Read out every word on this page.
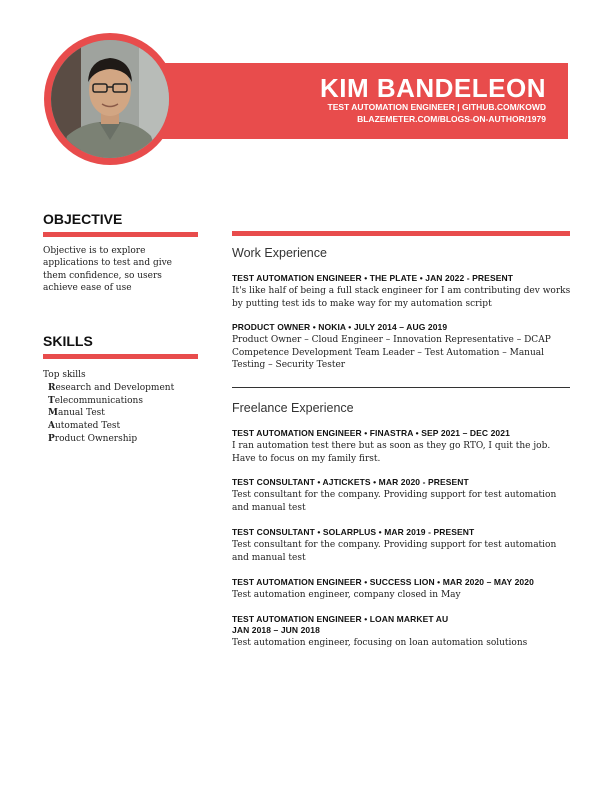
KIM BANDELEON
TEST AUTOMATION ENGINEER | GITHUB.COM/KOWD
BLAZEMETER.COM/BLOGS-ON-AUTHOR/1979
OBJECTIVE
Objective is to explore applications to test and give them confidence, so users achieve ease of use
SKILLS
Top skills
Research and Development
Telecommunications
Manual Test
Automated Test
Product Ownership
Work Experience
TEST AUTOMATION ENGINEER • THE PLATE • JAN 2022 - PRESENT
It's like half of being a full stack engineer for I am contributing dev works by putting test ids to make way for my automation script
PRODUCT OWNER • NOKIA • JULY 2014 – AUG 2019
Product Owner – Cloud Engineer – Innovation Representative – DCAP Competence Development Team Leader – Test Automation – Manual Testing – Security Tester
Freelance Experience
TEST AUTOMATION ENGINEER • FINASTRA • SEP 2021 – DEC 2021
I ran automation test there but as soon as they go RTO, I quit the job. Have to focus on my family first.
TEST CONSULTANT • AJTICKETS • MAR 2020 - PRESENT
Test consultant for the company. Providing support for test automation and manual test
TEST CONSULTANT • SOLARPLUS • MAR 2019 - PRESENT
Test consultant for the company. Providing support for test automation and manual test
TEST AUTOMATION ENGINEER • SUCCESS LION • MAR 2020 – MAY 2020
Test automation engineer, company closed in May
TEST AUTOMATION ENGINEER • LOAN MARKET AU
JAN 2018 – JUN 2018
Test automation engineer, focusing on loan automation solutions
